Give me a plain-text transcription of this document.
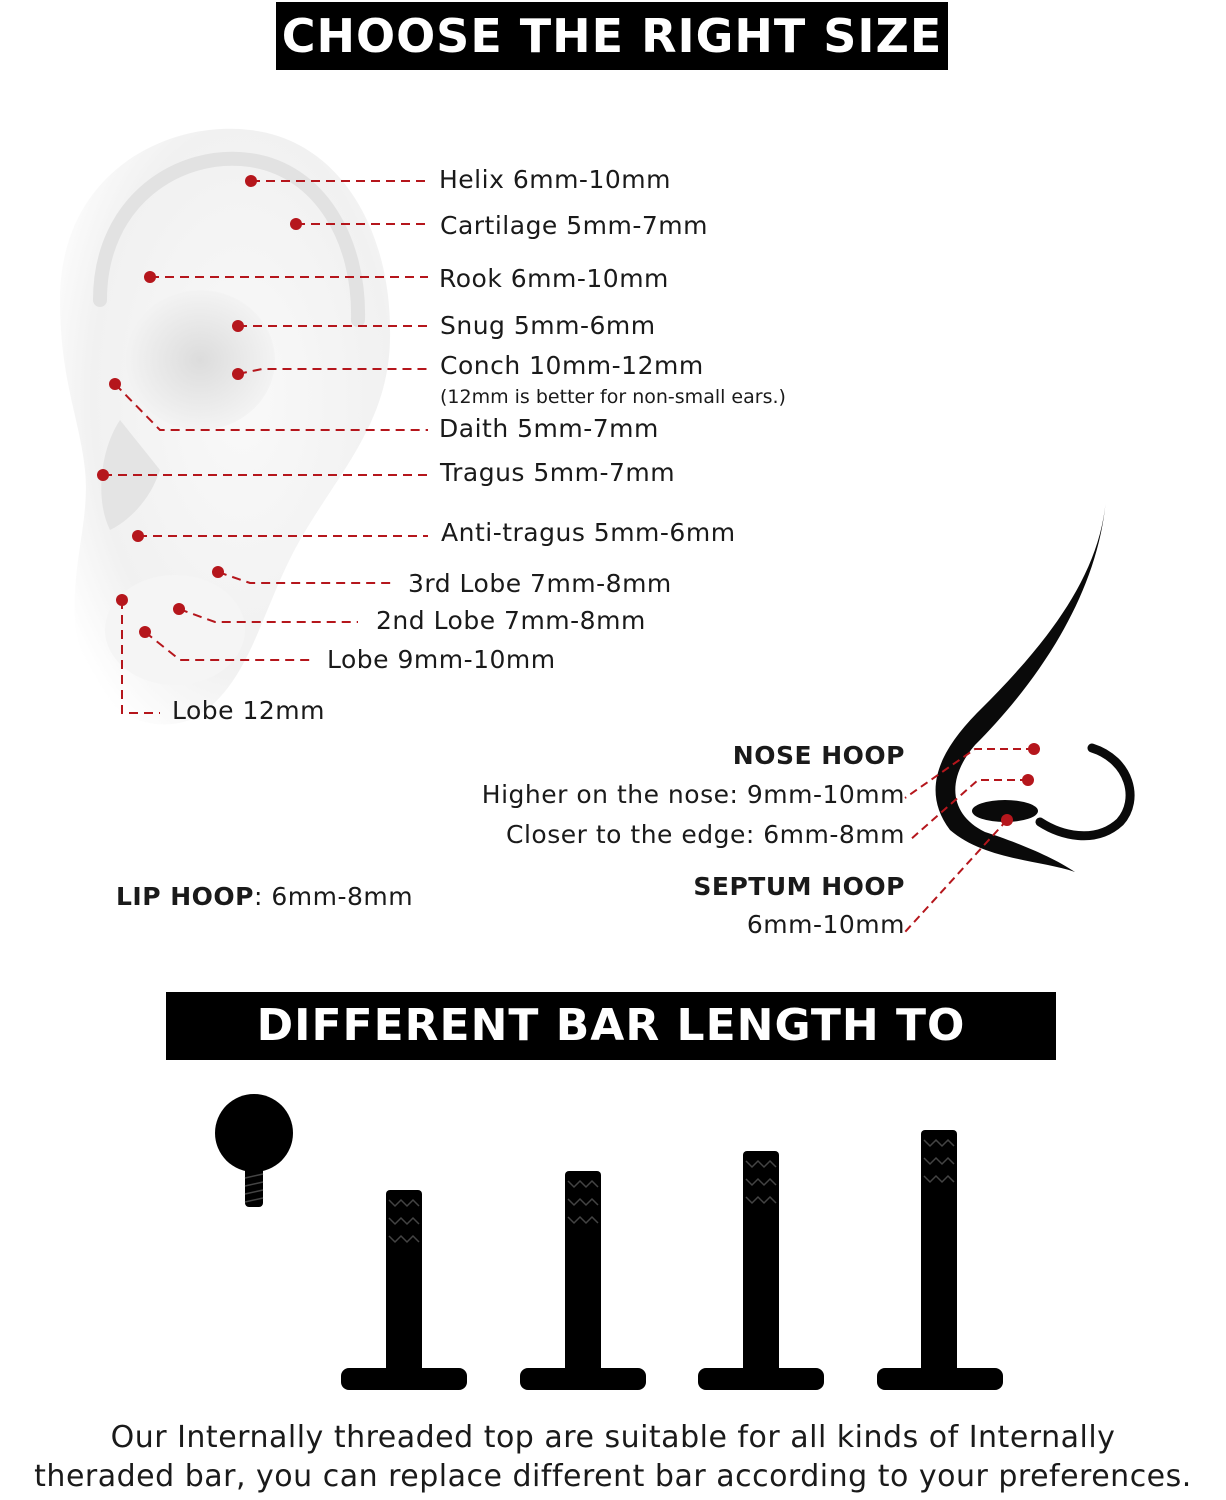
CHOOSE THE RIGHT SIZE
Helix 6mm-10mm
Cartilage 5mm-7mm
Rook 6mm-10mm
Snug 5mm-6mm
Conch 10mm-12mm
(12mm is better for non-small ears.)
Daith 5mm-7mm
Tragus 5mm-7mm
Anti-tragus 5mm-6mm
3rd Lobe 7mm-8mm
2nd Lobe 7mm-8mm
Lobe 9mm-10mm
Lobe 12mm
NOSE HOOP
Higher on the nose: 9mm-10mm
Closer to the edge: 6mm-8mm
SEPTUM HOOP
6mm-10mm
LIP HOOP: 6mm-8mm
DIFFERENT BAR LENGTH TO CHOOSE
Our Internally threaded top are suitable for all kinds of Internally
theraded bar, you can replace different bar according to your preferences.
